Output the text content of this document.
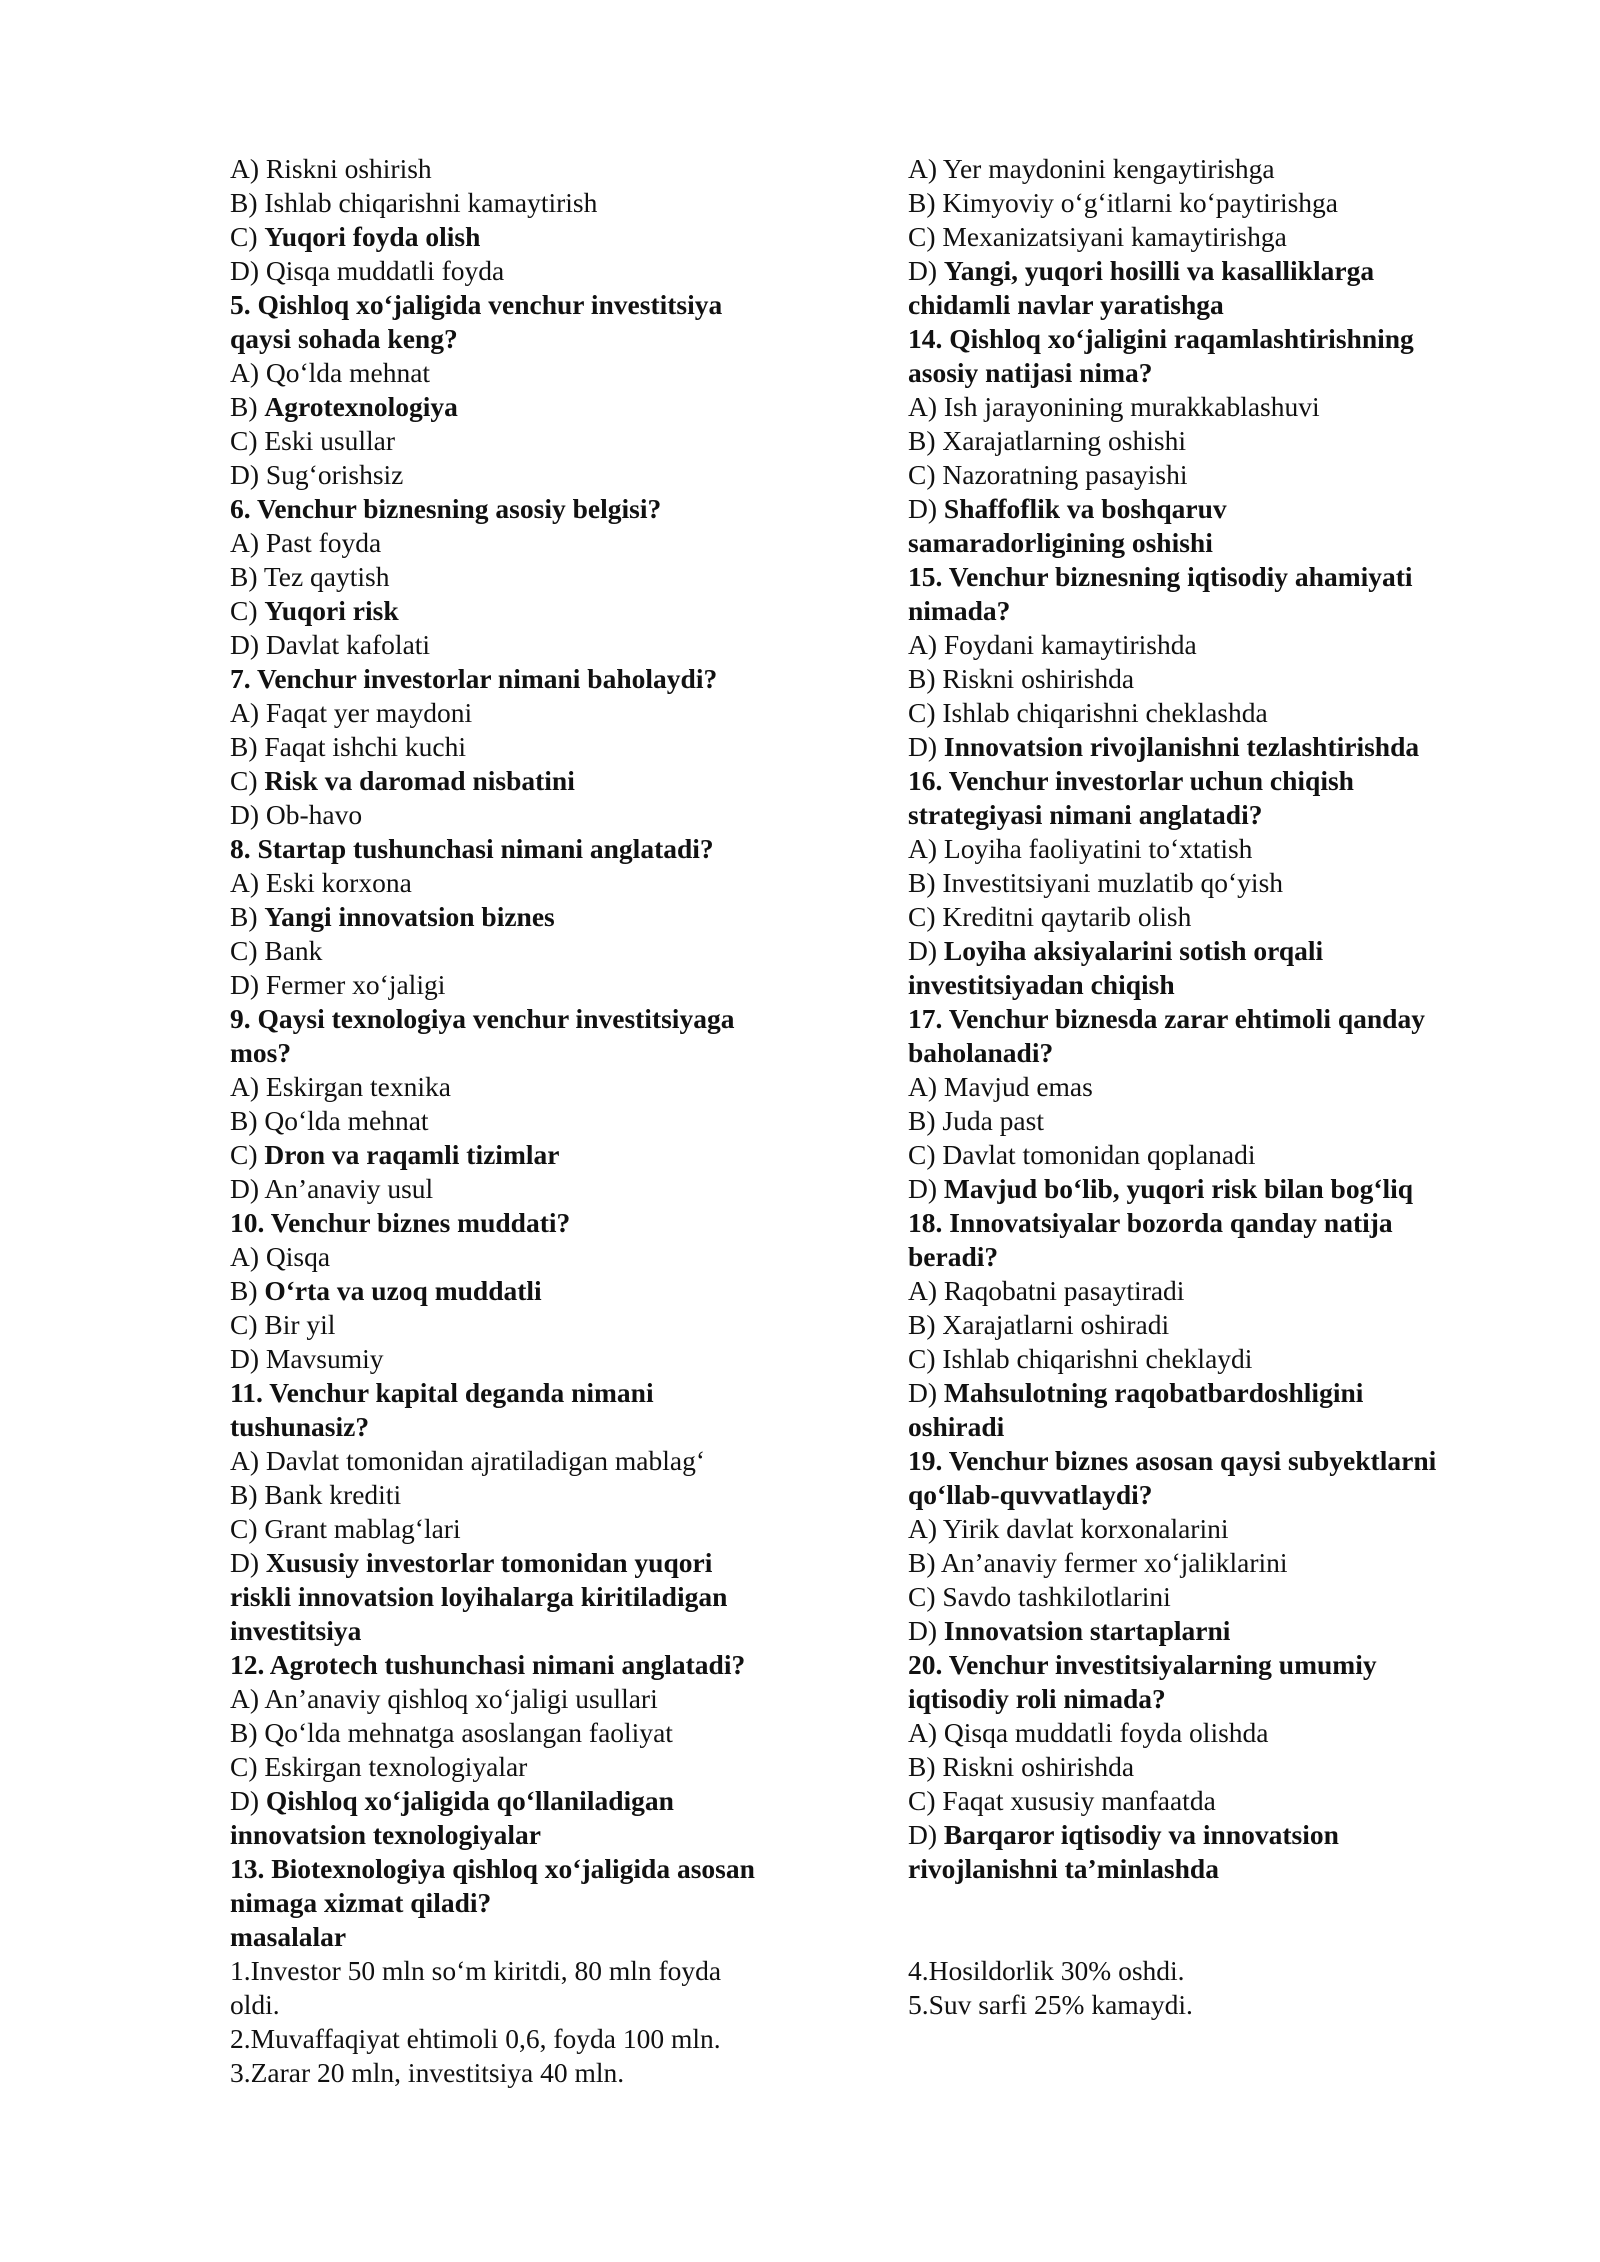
A) Riskni oshirish
B) Ishlab chiqarishni kamaytirish
C) Yuqori foyda olish
D) Qisqa muddatli foyda
5. Qishloq xo‘jaligida venchur investitsiya
qaysi sohada keng?
A) Qo‘lda mehnat
B) Agrotexnologiya
C) Eski usullar
D) Sug‘orishsiz
6. Venchur biznesning asosiy belgisi?
A) Past foyda
B) Tez qaytish
C) Yuqori risk
D) Davlat kafolati
7. Venchur investorlar nimani baholaydi?
A) Faqat yer maydoni
B) Faqat ishchi kuchi
C) Risk va daromad nisbatini
D) Ob-havo
8. Startap tushunchasi nimani anglatadi?
A) Eski korxona
B) Yangi innovatsion biznes
C) Bank
D) Fermer xo‘jaligi
9. Qaysi texnologiya venchur investitsiyaga
mos?
A) Eskirgan texnika
B) Qo‘lda mehnat
C) Dron va raqamli tizimlar
D) An’anaviy usul
10. Venchur biznes muddati?
A) Qisqa
B) O‘rta va uzoq muddatli
C) Bir yil
D) Mavsumiy
11. Venchur kapital deganda nimani
tushunasiz?
A) Davlat tomonidan ajratiladigan mablag‘
B) Bank krediti
C) Grant mablag‘lari
D) Xususiy investorlar tomonidan yuqori
riskli innovatsion loyihalarga kiritiladigan
investitsiya
12. Agrotech tushunchasi nimani anglatadi?
A) An’anaviy qishloq xo‘jaligi usullari
B) Qo‘lda mehnatga asoslangan faoliyat
C) Eskirgan texnologiyalar
D) Qishloq xo‘jaligida qo‘llaniladigan
innovatsion texnologiyalar
13. Biotexnologiya qishloq xo‘jaligida asosan
nimaga xizmat qiladi?
masalalar
1.Investor 50 mln so‘m kiritdi, 80 mln foyda
oldi.
2.Muvaffaqiyat ehtimoli 0,6, foyda 100 mln.
3.Zarar 20 mln, investitsiya 40 mln.
A) Yer maydonini kengaytirishga
B) Kimyoviy o‘g‘itlarni ko‘paytirishga
C) Mexanizatsiyani kamaytirishga
D) Yangi, yuqori hosilli va kasalliklarga
chidamli navlar yaratishga
14. Qishloq xo‘jaligini raqamlashtirishning
asosiy natijasi nima?
A) Ish jarayonining murakkablashuvi
B) Xarajatlarning oshishi
C) Nazoratning pasayishi
D) Shaffoflik va boshqaruv
samaradorligining oshishi
15. Venchur biznesning iqtisodiy ahamiyati
nimada?
A) Foydani kamaytirishda
B) Riskni oshirishda
C) Ishlab chiqarishni cheklashda
D) Innovatsion rivojlanishni tezlashtirishda
16. Venchur investorlar uchun chiqish
strategiyasi nimani anglatadi?
A) Loyiha faoliyatini to‘xtatish
B) Investitsiyani muzlatib qo‘yish
C) Kreditni qaytarib olish
D) Loyiha aksiyalarini sotish orqali
investitsiyadan chiqish
17. Venchur biznesda zarar ehtimoli qanday
baholanadi?
A) Mavjud emas
B) Juda past
C) Davlat tomonidan qoplanadi
D) Mavjud bo‘lib, yuqori risk bilan bog‘liq
18. Innovatsiyalar bozorda qanday natija
beradi?
A) Raqobatni pasaytiradi
B) Xarajatlarni oshiradi
C) Ishlab chiqarishni cheklaydi
D) Mahsulotning raqobatbardoshligini
oshiradi
19. Venchur biznes asosan qaysi subyektlarni
qo‘llab-quvvatlaydi?
A) Yirik davlat korxonalarini
B) An’anaviy fermer xo‘jaliklarini
C) Savdo tashkilotlarini
D) Innovatsion startaplarni
20. Venchur investitsiyalarning umumiy
iqtisodiy roli nimada?
A) Qisqa muddatli foyda olishda
B) Riskni oshirishda
C) Faqat xususiy manfaatda
D) Barqaror iqtisodiy va innovatsion
rivojlanishni ta’minlashda
4.Hosildorlik 30% oshdi.
5.Suv sarfi 25% kamaydi.
